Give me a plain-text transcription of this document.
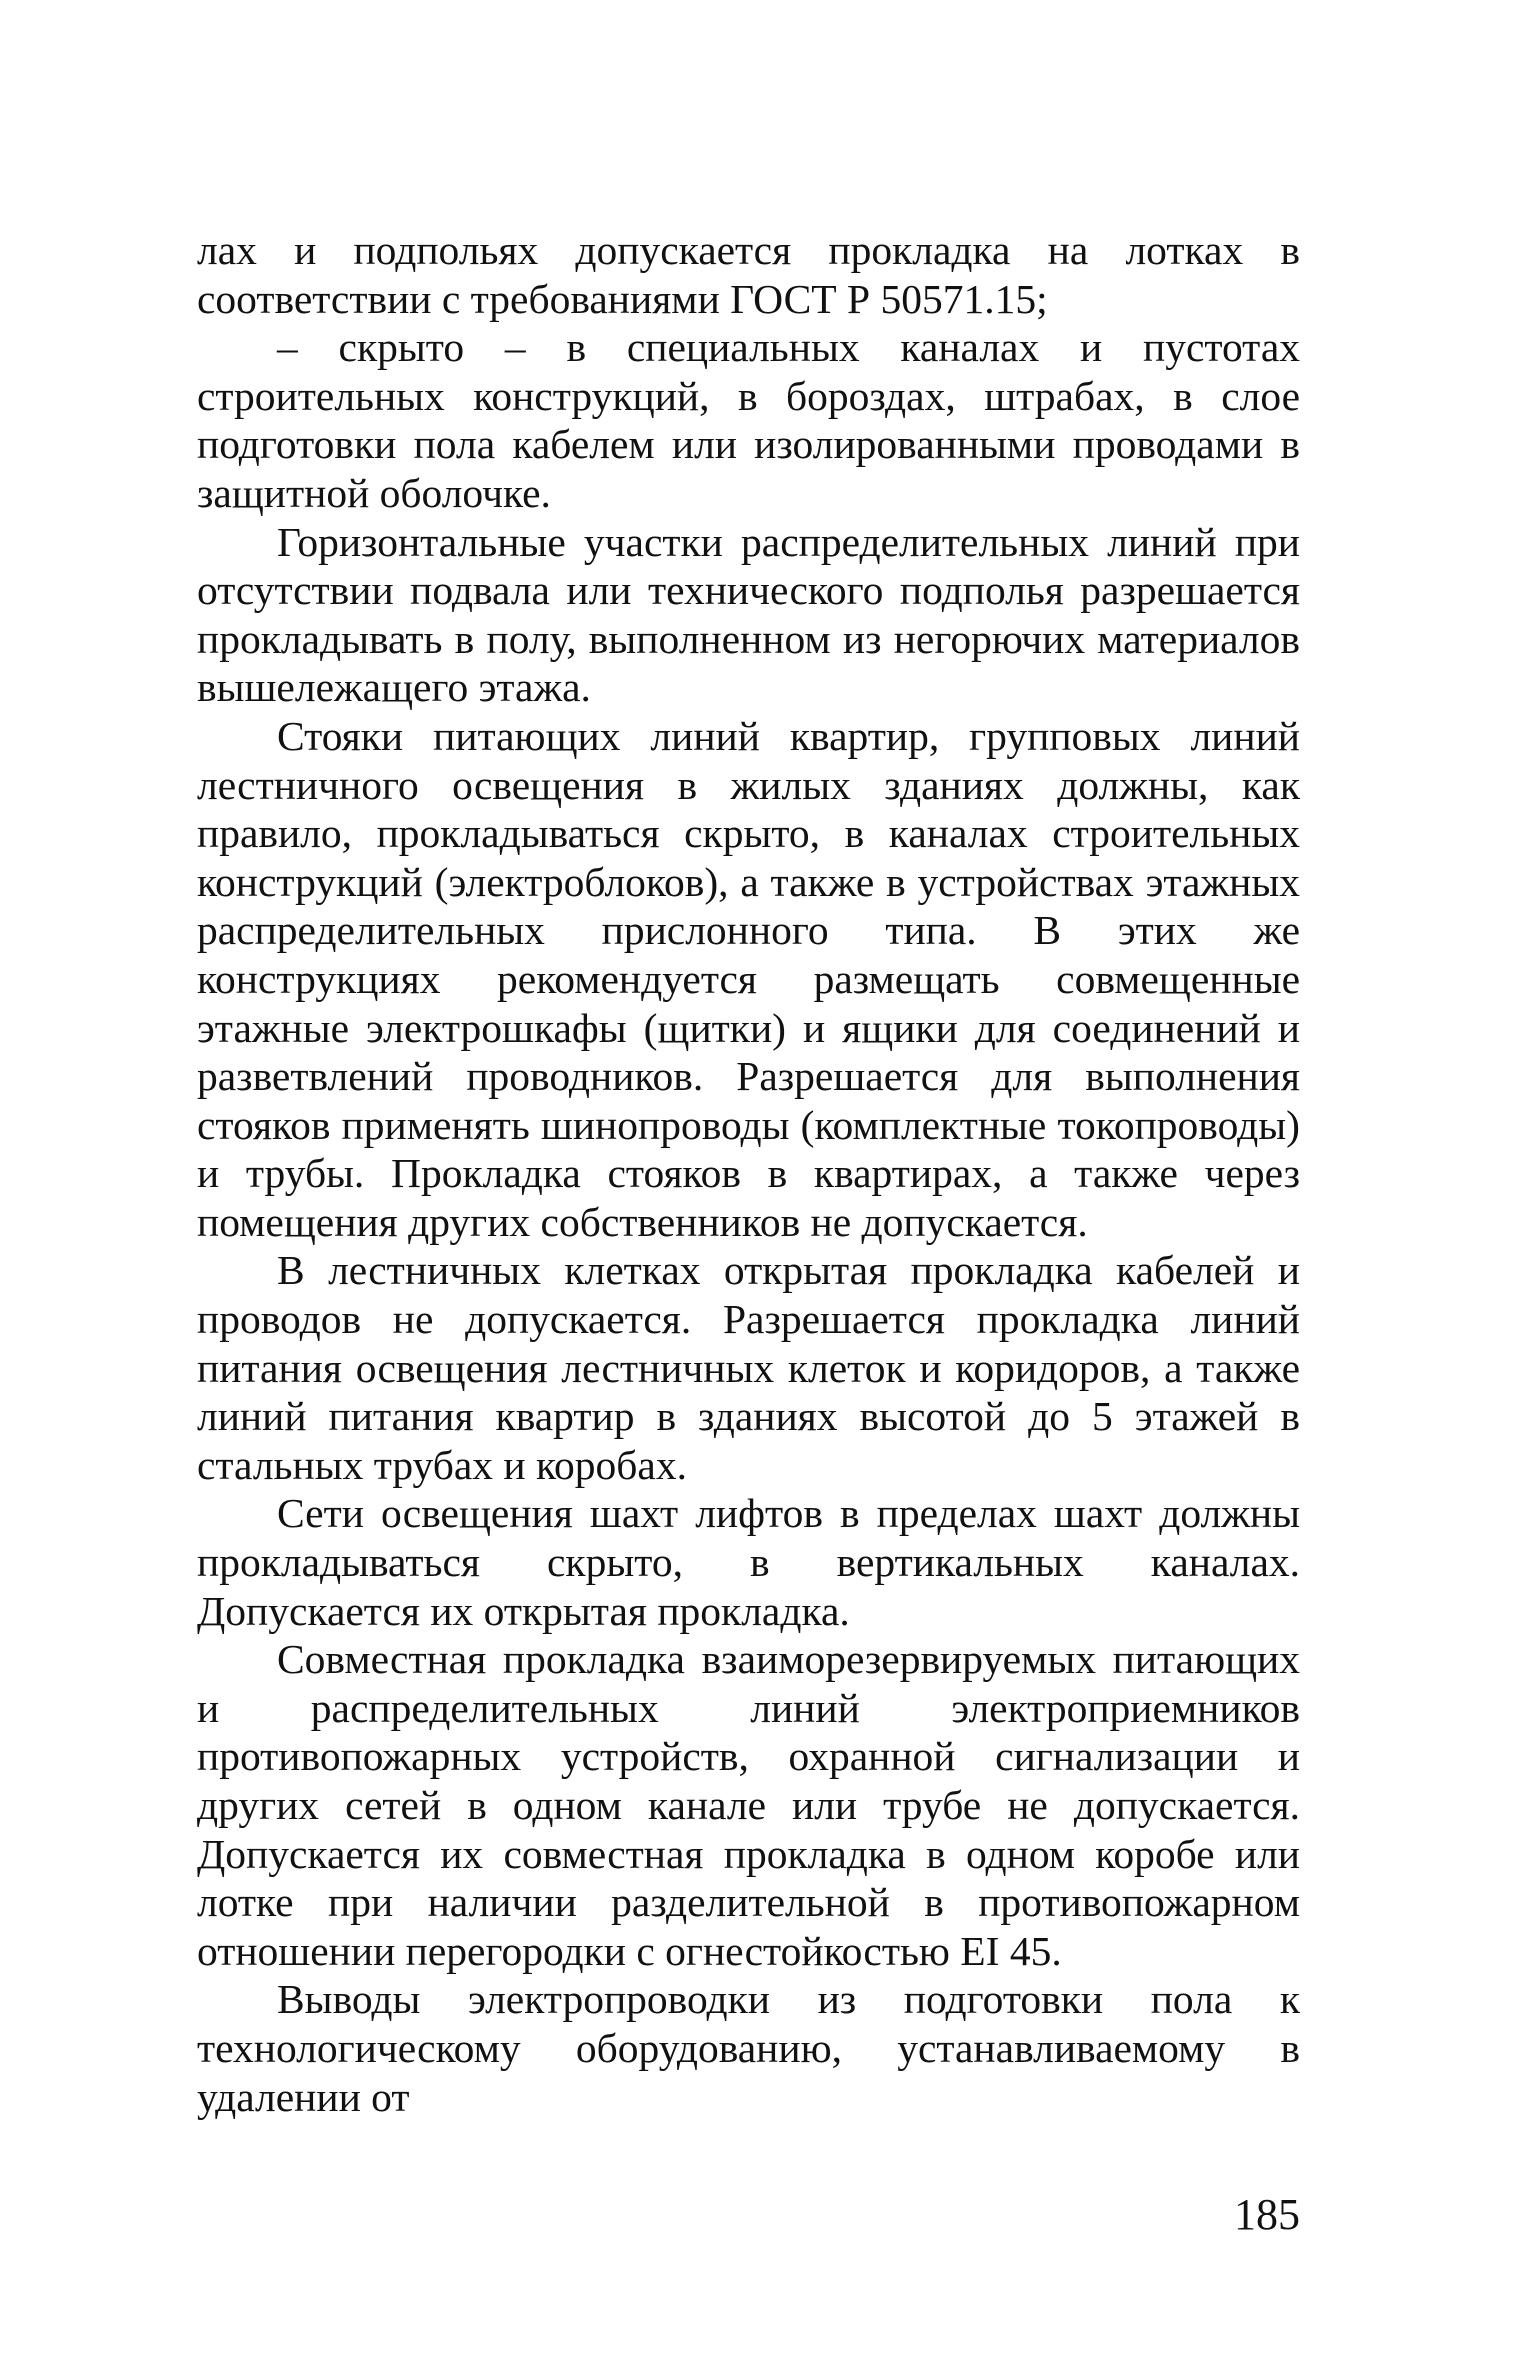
лах и подпольях допускается прокладка на лотках в соответствии с требованиями ГОСТ Р 50571.15;

– скрыто – в специальных каналах и пустотах строительных конструкций, в бороздах, штрабах, в слое подготовки пола кабелем или изолированными проводами в защитной оболочке.

Горизонтальные участки распределительных линий при отсутствии подвала или технического подполья разрешается прокладывать в полу, выполненном из негорючих материалов вышележащего этажа.

Стояки питающих линий квартир, групповых линий лестничного освещения в жилых зданиях должны, как правило, прокладываться скрыто, в каналах строительных конструкций (электроблоков), а также в устройствах этажных распределительных прислонного типа. В этих же конструкциях рекомендуется размещать совмещенные этажные электрошкафы (щитки) и ящики для соединений и разветвлений проводников. Разрешается для выполнения стояков применять шинопроводы (комплектные токопроводы) и трубы. Прокладка стояков в квартирах, а также через помещения других собственников не допускается.

В лестничных клетках открытая прокладка кабелей и проводов не допускается. Разрешается прокладка линий питания освещения лестничных клеток и коридоров, а также линий питания квартир в зданиях высотой до 5 этажей в стальных трубах и коробах.

Сети освещения шахт лифтов в пределах шахт должны прокладываться скрыто, в вертикальных каналах. Допускается их открытая прокладка.

Совместная прокладка взаиморезервируемых питающих и распределительных линий электроприемников противопожарных устройств, охранной сигнализации и других сетей в одном канале или трубе не допускается. Допускается их совместная прокладка в одном коробе или лотке при наличии разделительной в противопожарном отношении перегородки с огнестойкостью EI 45.

Выводы электропроводки из подготовки пола к технологическому оборудованию, устанавливаемому в удалении от

185
